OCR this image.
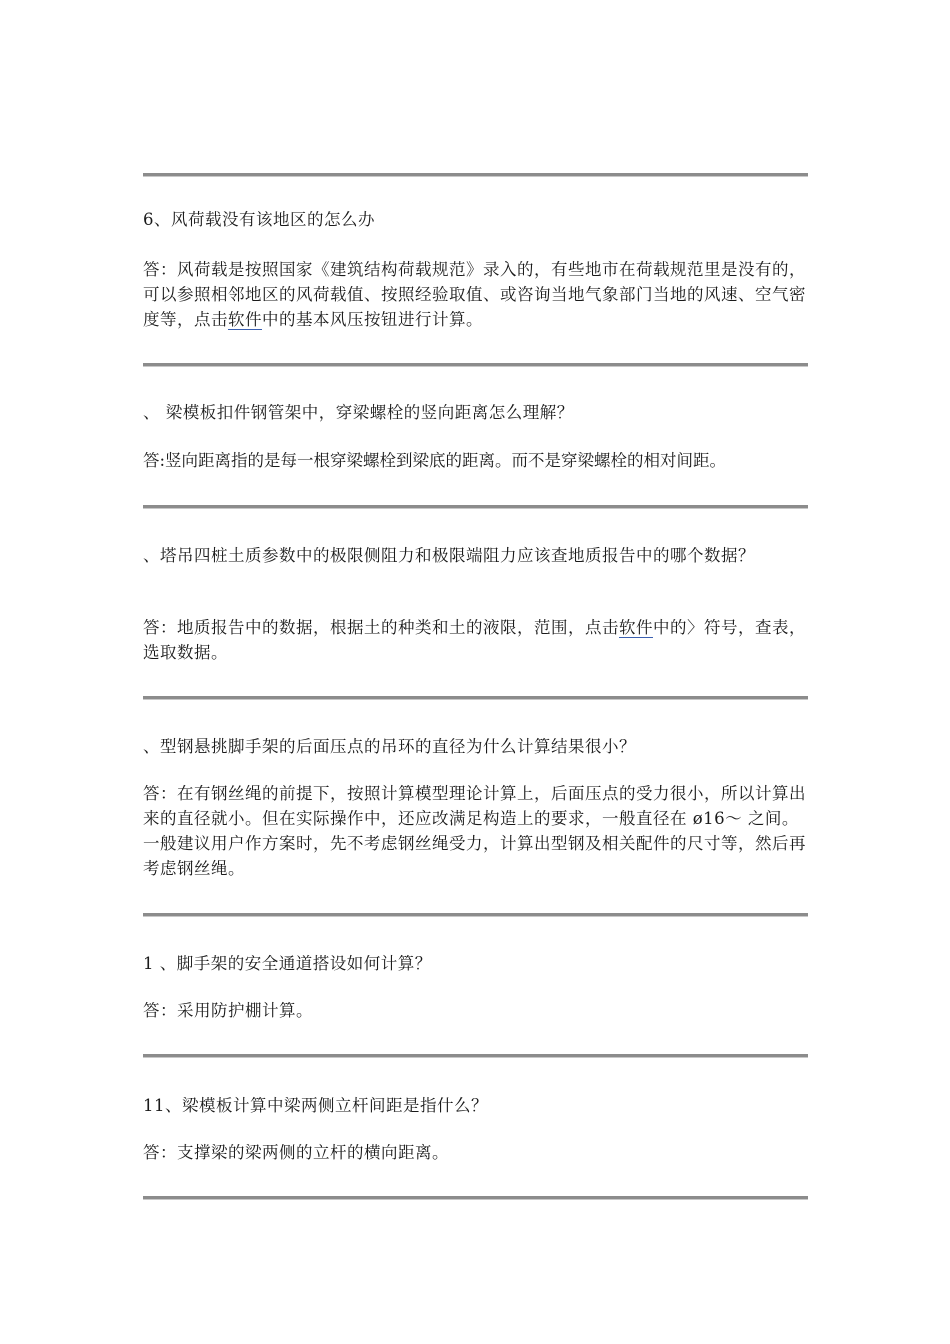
6、风荷载没有该地区的怎么办

答：风荷载是按照国家《建筑结构荷载规范》录入的，有些地市在荷载规范里是没有的，可以参照相邻地区的风荷载值、按照经验取值、或咨询当地气象部门当地的风速、空气密度等，点击软件中的基本风压按钮进行计算。

、 梁模板扣件钢管架中，穿梁螺栓的竖向距离怎么理解？

答:竖向距离指的是每一根穿梁螺栓到梁底的距离。而不是穿梁螺栓的相对间距。

、塔吊四桩土质参数中的极限侧阻力和极限端阻力应该查地质报告中的哪个数据？

答：地质报告中的数据，根据土的种类和土的液限，范围，点击软件中的〉符号，查表，选取数据。

、型钢悬挑脚手架的后面压点的吊环的直径为什么计算结果很小？

答：在有钢丝绳的前提下，按照计算模型理论计算上，后面压点的受力很小，所以计算出来的直径就小。但在实际操作中，还应改满足构造上的要求，一般直径在 ø16～ 之间。一般建议用户作方案时，先不考虑钢丝绳受力，计算出型钢及相关配件的尺寸等，然后再考虑钢丝绳。

1 、脚手架的安全通道搭设如何计算？

答：采用防护棚计算。

11、梁模板计算中梁两侧立杆间距是指什么？

答：支撑梁的梁两侧的立杆的横向距离。
